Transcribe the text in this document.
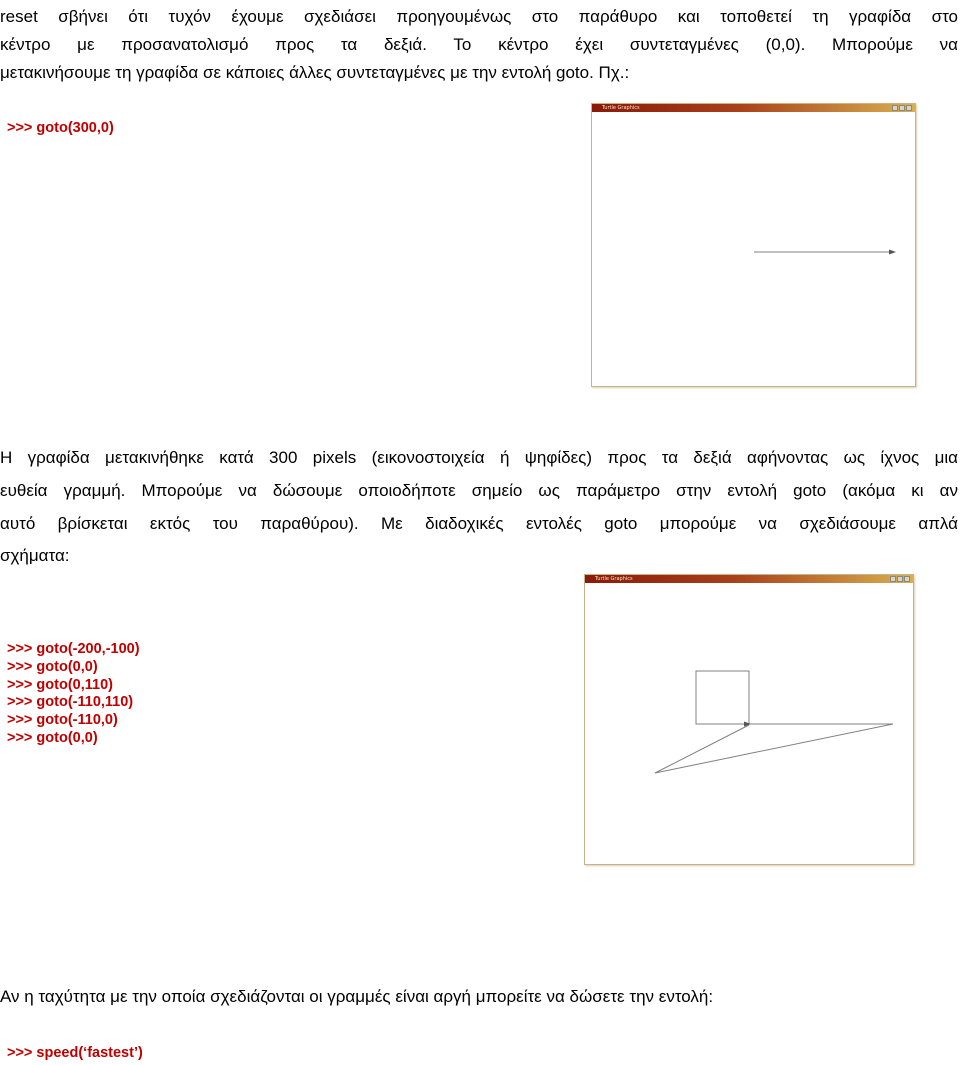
reset σβήνει ότι τυχόν έχουμε σχεδιάσει προηγουμένως στο παράθυρο και τοποθετεί τη γραφίδα στο
κέντρο με προσανατολισμό προς τα δεξιά. Το κέντρο έχει συντεταγμένες (0,0). Μπορούμε να
μετακινήσουμε τη γραφίδα σε κάποιες άλλες συντεταγμένες με την εντολή goto. Πχ.:
>>> goto(300,0)
Turtle Graphics
Η γραφίδα μετακινήθηκε κατά 300 pixels (εικονοστοιχεία ή ψηφίδες) προς τα δεξιά αφήνοντας ως ίχνος μια
ευθεία γραμμή. Μπορούμε να δώσουμε οποιοδήποτε σημείο ως παράμετρο στην εντολή goto (ακόμα κι αν
αυτό βρίσκεται εκτός του παραθύρου). Με διαδοχικές εντολές goto μπορούμε να σχεδιάσουμε απλά
σχήματα:
>>> goto(-200,-100)
>>> goto(0,0)
>>> goto(0,110)
>>> goto(-110,110)
>>> goto(-110,0)
>>> goto(0,0)
Turtle Graphics
Αν η ταχύτητα με την οποία σχεδιάζονται οι γραμμές είναι αργή μπορείτε να δώσετε την εντολή:
>>> speed(‘fastest’)
